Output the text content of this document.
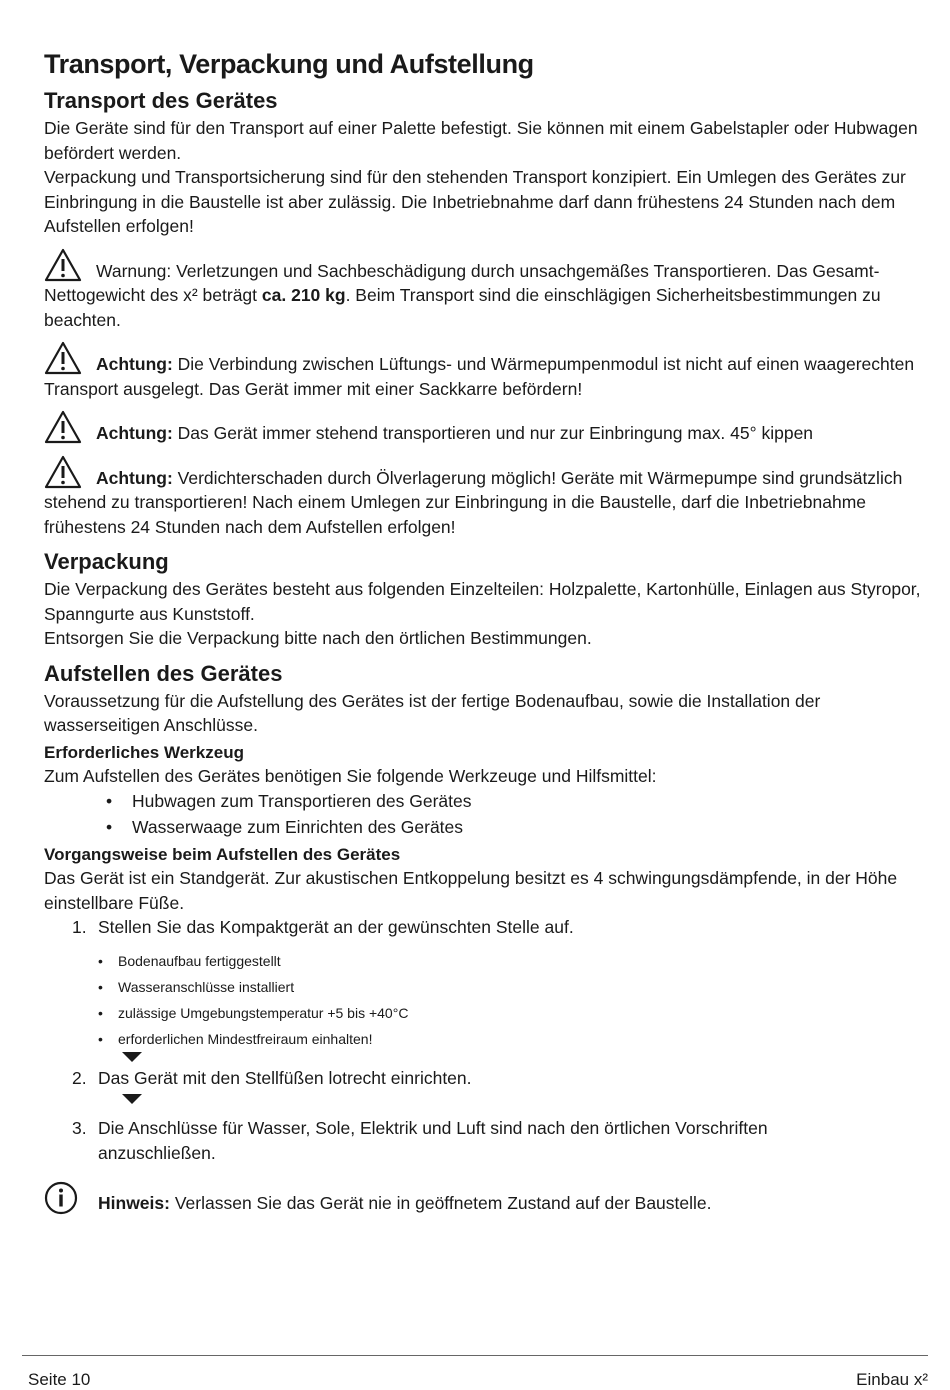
Transport, Verpackung und Aufstellung
Transport des Gerätes

Die Geräte sind für den Transport auf einer Palette befestigt. Sie können mit einem Gabelstapler oder Hubwagen befördert werden.

Verpackung und Transportsicherung sind für den stehenden Transport konzipiert. Ein Umlegen des Gerätes zur Einbringung in die Baustelle ist aber zulässig. Die Inbetriebnahme darf dann frühestens 24 Stunden nach dem Aufstellen erfolgen!

Warnung: Verletzungen und Sachbeschädigung durch unsachgemäßes Transportieren. Das Gesamt-Nettogewicht des x² beträgt ca. 210 kg. Beim Transport sind die einschlägigen Sicherheitsbestimmungen zu beachten.

Achtung: Die Verbindung zwischen Lüftungs- und Wärmepumpenmodul ist nicht auf einen waagerechten Transport ausgelegt. Das Gerät immer mit einer Sackkarre befördern!

Achtung: Das Gerät immer stehend transportieren und nur zur Einbringung max. 45° kippen

Achtung: Verdichterschaden durch Ölverlagerung möglich! Geräte mit Wärmepumpe sind grundsätzlich stehend zu transportieren! Nach einem Umlegen zur Einbringung in die Baustelle, darf die Inbetriebnahme frühestens 24 Stunden nach dem Aufstellen erfolgen!

Verpackung

Die Verpackung des Gerätes besteht aus folgenden Einzelteilen: Holzpalette, Kartonhülle, Einlagen aus Styropor, Spanngurte aus Kunststoff.

Entsorgen Sie die Verpackung bitte nach den örtlichen Bestimmungen.

Aufstellen des Gerätes

Voraussetzung für die Aufstellung des Gerätes ist der fertige Bodenaufbau, sowie die Installation der wasserseitigen Anschlüsse.

Erforderliches Werkzeug

Zum Aufstellen des Gerätes benötigen Sie folgende Werkzeuge und Hilfsmittel:

• Hubwagen zum Transportieren des Gerätes
• Wasserwaage zum Einrichten des Gerätes
Vorgangsweise beim Aufstellen des Gerätes

Das Gerät ist ein Standgerät. Zur akustischen Entkoppelung besitzt es 4 schwingungsdämpfende, in der Höhe einstellbare Füße.

1. Stellen Sie das Kompaktgerät an der gewünschten Stelle auf.
• Bodenaufbau fertiggestellt
• Wasseranschlüsse installiert
• zulässige Umgebungstemperatur +5 bis +40°C
• erforderlichen Mindestfreiraum einhalten!
2. Das Gerät mit den Stellfüßen lotrecht einrichten.
3. Die Anschlüsse für Wasser, Sole, Elektrik und Luft sind nach den örtlichen Vorschriften anzuschließen.

Hinweis: Verlassen Sie das Gerät nie in geöffnetem Zustand auf der Baustelle.

Seite 10	Einbau x²
